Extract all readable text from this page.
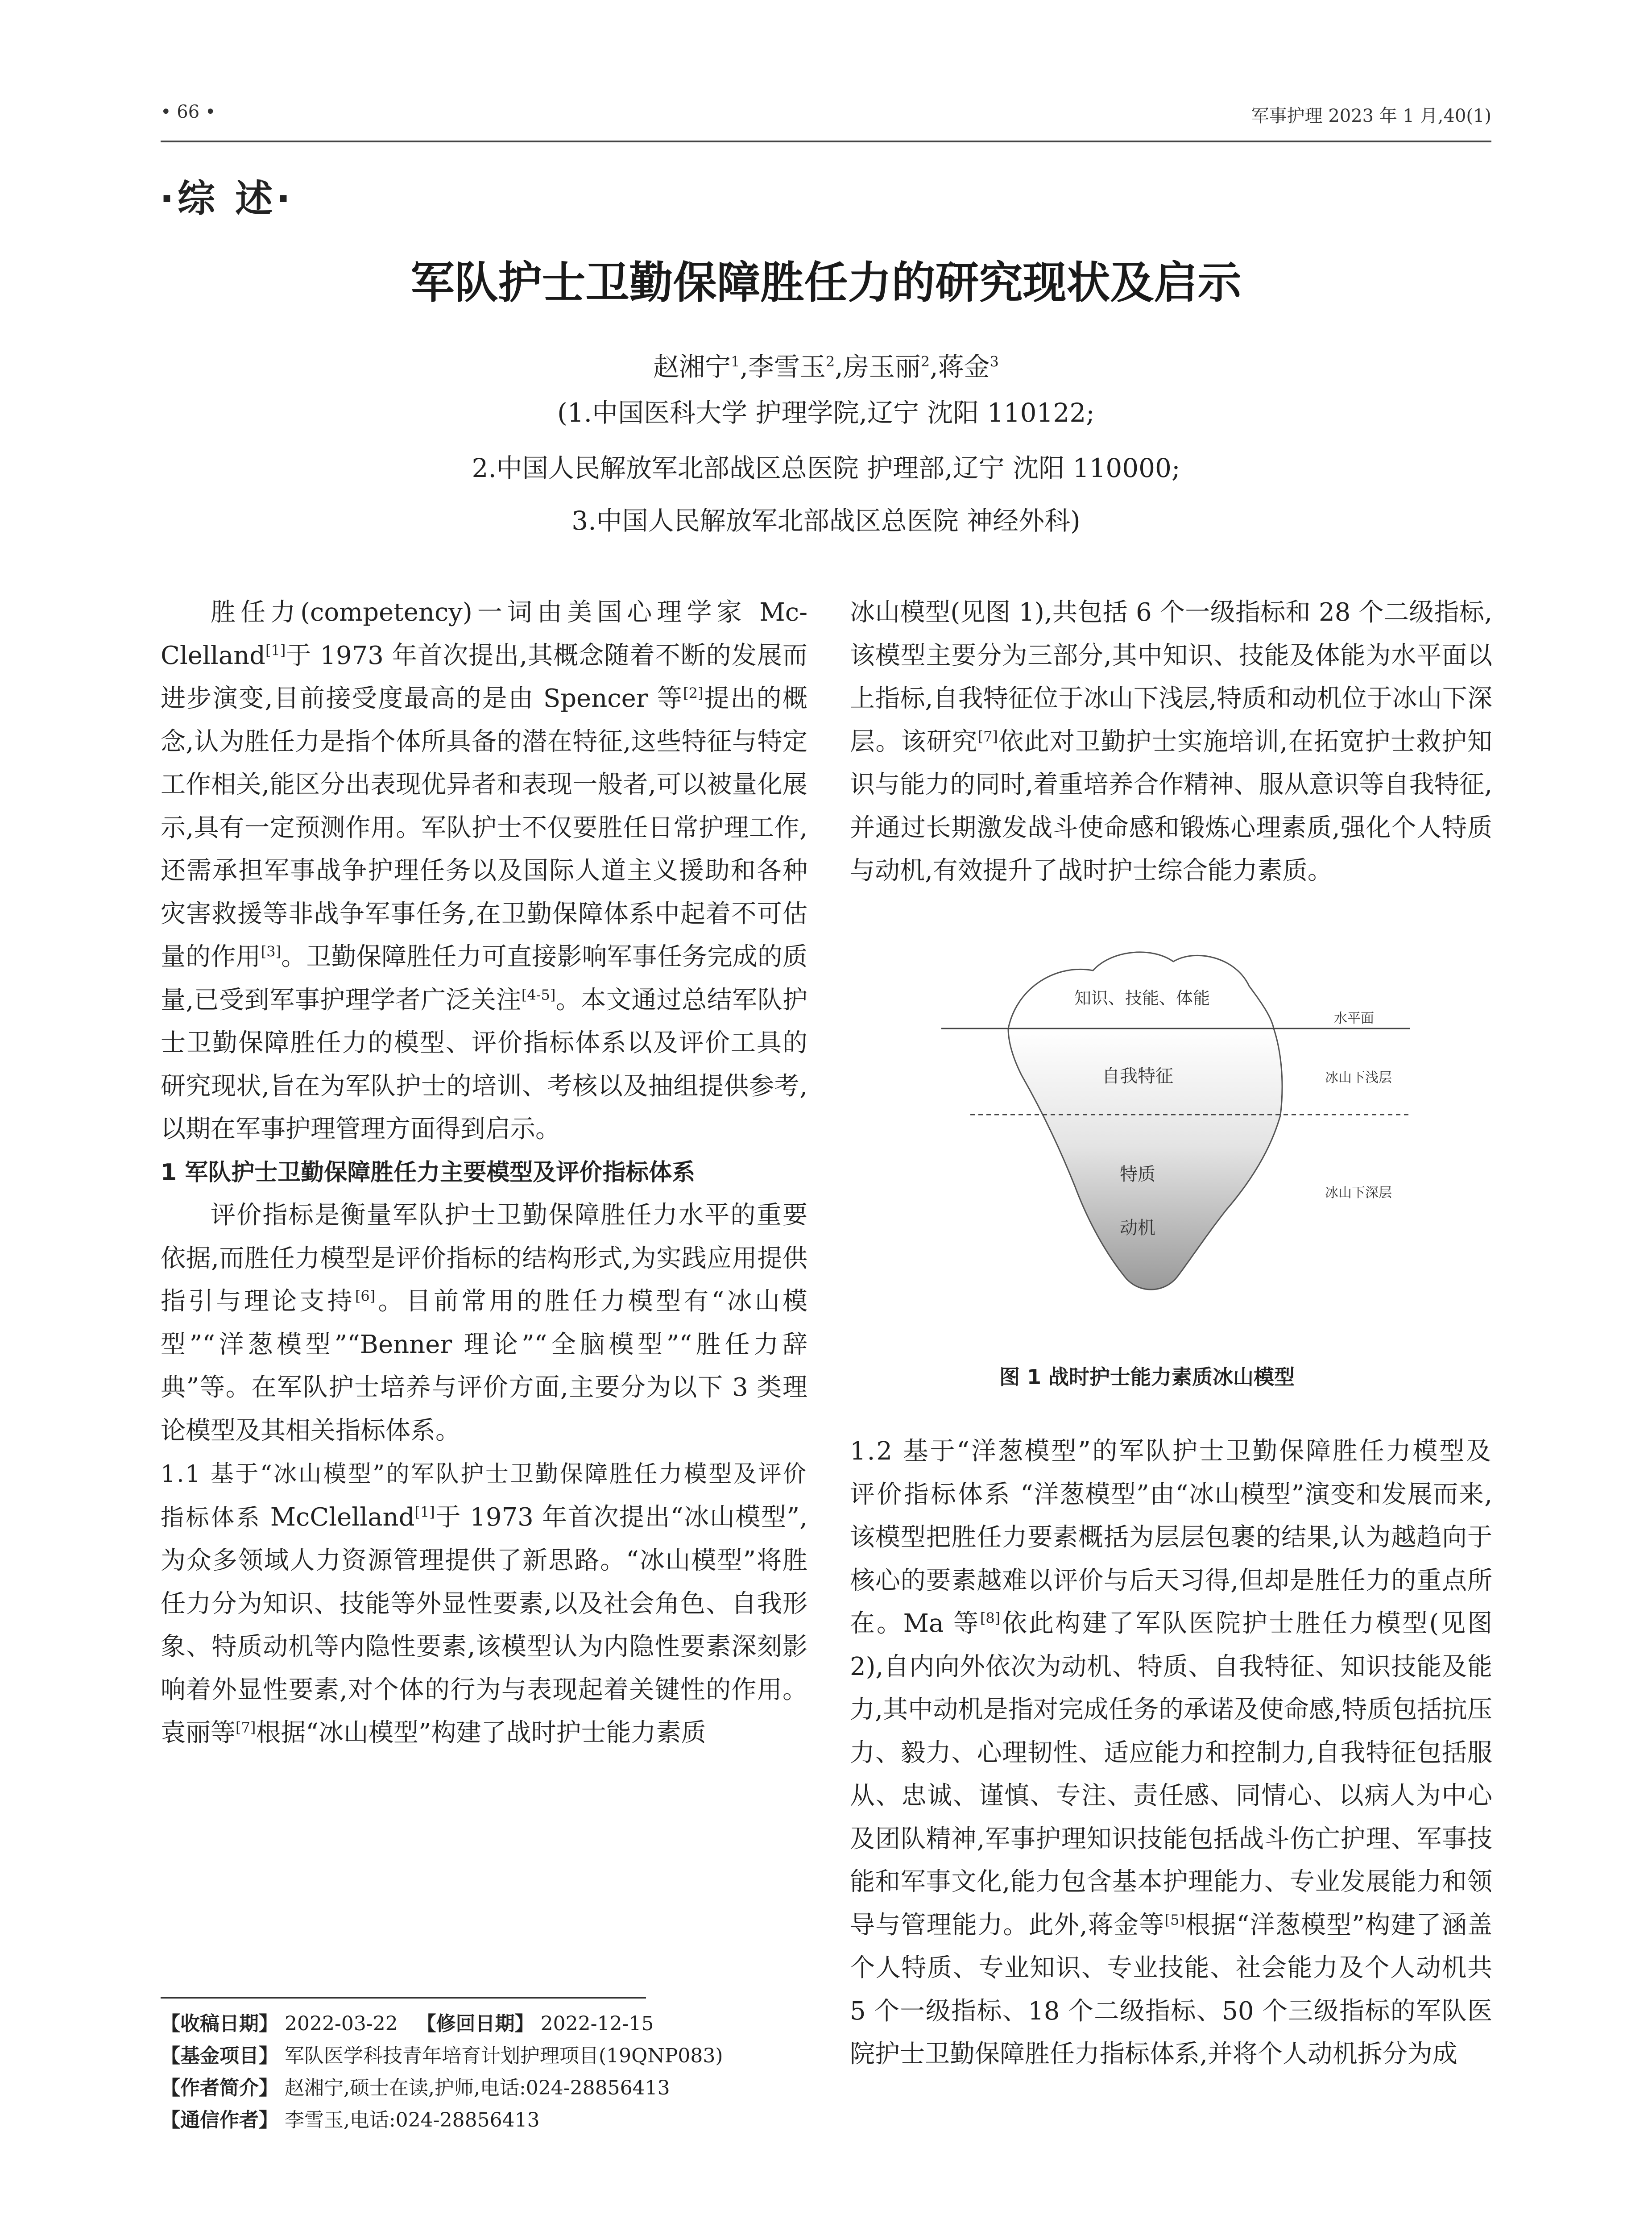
• 66 •	军事护理 2023 年 1 月,40(1)
·综 述·
军队护士卫勤保障胜任力的研究现状及启示
赵湘宁$^1$,李雪玉$^2$,房玉丽$^2$,蒋金$^3$
(1.中国医科大学 护理学院,辽宁 沈阳 110122;
2.中国人民解放军北部战区总医院 护理部,辽宁 沈阳 110000;
3.中国人民解放军北部战区总医院 神经外科)

胜任力(competency)一词由美国心理学家 Mc-Clelland[1]于 1973 年首次提出,其概念随着不断的发展而进步演变,目前接受度最高的是由 Spencer 等[2]提出的概念,认为胜任力是指个体所具备的潜在特征,这些特征与特定工作相关,能区分出表现优异者和表现一般者,可以被量化展示,具有一定预测作用。军队护士不仅要胜任日常护理工作,还需承担军事战争护理任务以及国际人道主义援助和各种灾害救援等非战争军事任务,在卫勤保障体系中起着不可估量的作用[3]。卫勤保障胜任力可直接影响军事任务完成的质量,已受到军事护理学者广泛关注[4-5]。本文通过总结军队护士卫勤保障胜任力的模型、评价指标体系以及评价工具的研究现状,旨在为军队护士的培训、考核以及抽组提供参考,以期在军事护理管理方面得到启示。

1 军队护士卫勤保障胜任力主要模型及评价指标体系

评价指标是衡量军队护士卫勤保障胜任力水平的重要依据,而胜任力模型是评价指标的结构形式,为实践应用提供指引与理论支持[6]。目前常用的胜任力模型有“冰山模型”“洋葱模型”“Benner 理论”“全脑模型”“胜任力辞典”等。在军队护士培养与评价方面,主要分为以下 3 类理论模型及其相关指标体系。

1.1 基于“冰山模型”的军队护士卫勤保障胜任力模型及评价指标体系 McClelland[1]于 1973 年首次提出“冰山模型”,为众多领域人力资源管理提供了新思路。“冰山模型”将胜任力分为知识、技能等外显性要素,以及社会角色、自我形象、特质动机等内隐性要素,该模型认为内隐性要素深刻影响着外显性要素,对个体的行为与表现起着关键性的作用。袁丽等[7]根据“冰山模型”构建了战时护士能力素质

【收稿日期】 2022-03-22 【修回日期】 2022-12-15
【基金项目】 军队医学科技青年培育计划护理项目(19QNP083)
【作者简介】 赵湘宁,硕士在读,护师,电话:024-28856413
【通信作者】 李雪玉,电话:024-28856413

冰山模型(见图 1),共包括 6 个一级指标和 28 个二级指标,该模型主要分为三部分,其中知识、技能及体能为水平面以上指标,自我特征位于冰山下浅层,特质和动机位于冰山下深层。该研究[7]依此对卫勤护士实施培训,在拓宽护士救护知识与能力的同时,着重培养合作精神、服从意识等自我特征,并通过长期激发战斗使命感和锻炼心理素质,强化个人特质与动机,有效提升了战时护士综合能力素质。

知识、技能、体能
自我特征
特质
动机
水平面
冰山下浅层
冰山下深层
图 1 战时护士能力素质冰山模型

1.2 基于“洋葱模型”的军队护士卫勤保障胜任力模型及评价指标体系 “洋葱模型”由“冰山模型”演变和发展而来,该模型把胜任力要素概括为层层包裹的结果,认为越趋向于核心的要素越难以评价与后天习得,但却是胜任力的重点所在。Ma 等[8]依此构建了军队医院护士胜任力模型(见图 2),自内向外依次为动机、特质、自我特征、知识技能及能力,其中动机是指对完成任务的承诺及使命感,特质包括抗压力、毅力、心理韧性、适应能力和控制力,自我特征包括服从、忠诚、谨慎、专注、责任感、同情心、以病人为中心及团队精神,军事护理知识技能包括战斗伤亡护理、军事技能和军事文化,能力包含基本护理能力、专业发展能力和领导与管理能力。此外,蒋金等[5]根据“洋葱模型”构建了涵盖个人特质、专业知识、专业技能、社会能力及个人动机共 5 个一级指标、18 个二级指标、50 个三级指标的军队医院护士卫勤保障胜任力指标体系,并将个人动机拆分为成
